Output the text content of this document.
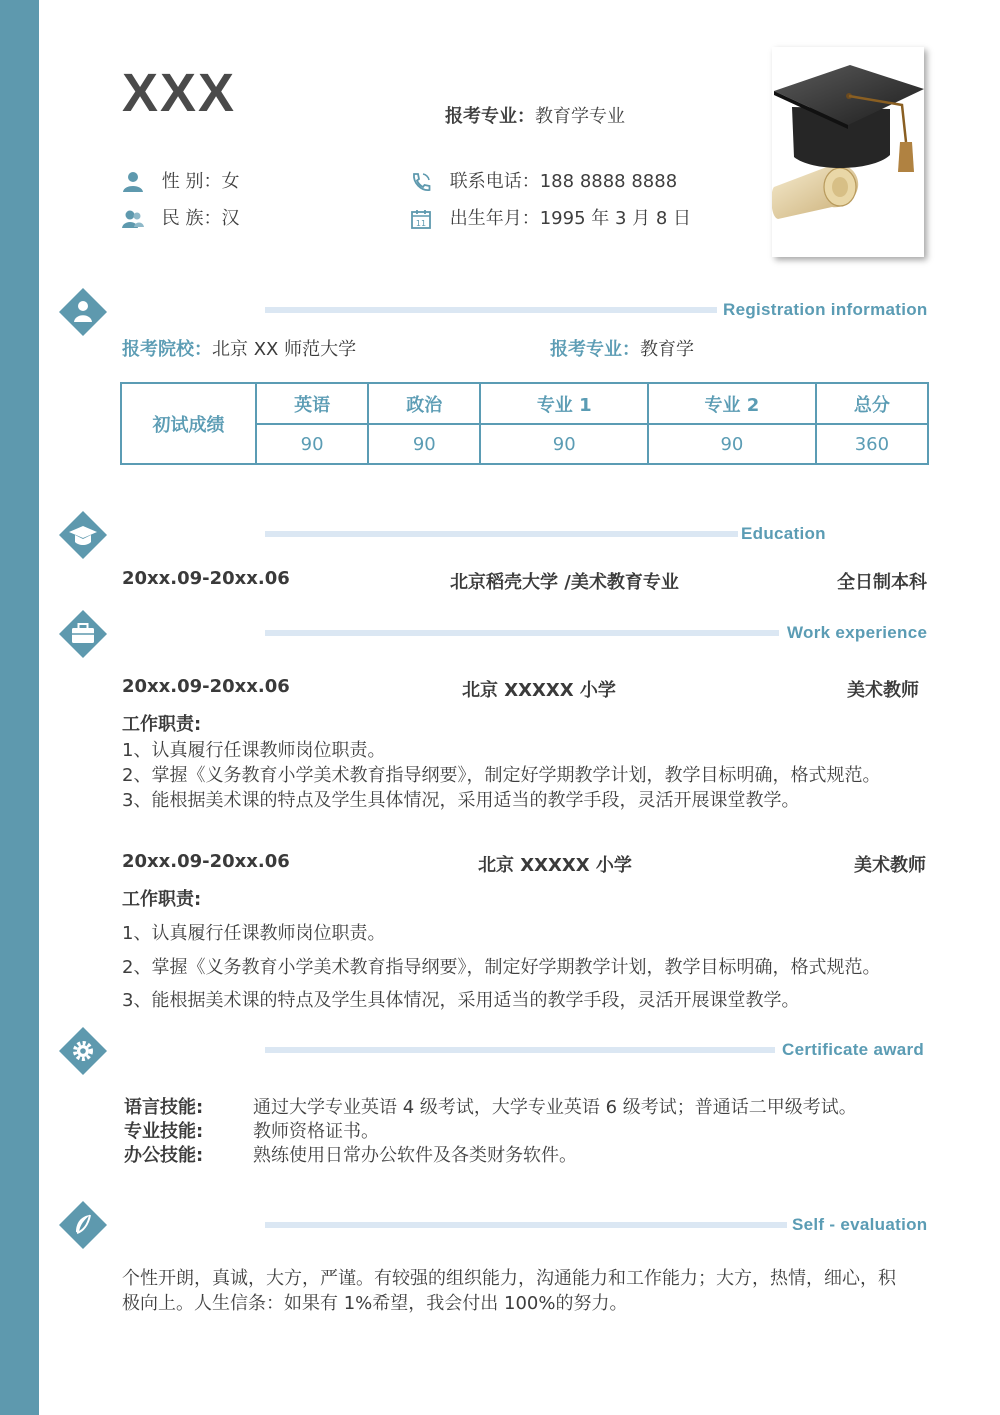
XXX	报考专业：教育学专业
性 别：女
民 族：汉
联系电话：188 8888 8888
11 出生年月：1995 年 3 月 8 日
Registration information
报考院校：北京 XX 师范大学	报考专业：教育学
初试成绩	英语	政治	专业 1	专业 2	总分
	90	90	90	90	360
Education
20xx.09-20xx.06	北京稻壳大学 /美术教育专业	全日制本科
Work experience
20xx.09-20xx.06	北京 XXXXX 小学	美术教师
工作职责:
1、认真履行任课教师岗位职责。
2、掌握《义务教育小学美术教育指导纲要》，制定好学期教学计划，教学目标明确，格式规范。
3、能根据美术课的特点及学生具体情况，采用适当的教学手段，灵活开展课堂教学。
20xx.09-20xx.06	北京 XXXXX 小学	美术教师
工作职责:
1、认真履行任课教师岗位职责。
2、掌握《义务教育小学美术教育指导纲要》，制定好学期教学计划，教学目标明确，格式规范。
3、能根据美术课的特点及学生具体情况，采用适当的教学手段，灵活开展课堂教学。
Certificate award
语言技能:	通过大学专业英语 4 级考试，大学专业英语 6 级考试；普通话二甲级考试。
专业技能:	教师资格证书。
办公技能:	熟练使用日常办公软件及各类财务软件。
Self - evaluation
个性开朗，真诚，大方，严谨。有较强的组织能力，沟通能力和工作能力；大方，热情，细心，积
极向上。人生信条：如果有 1%希望，我会付出 100%的努力。
